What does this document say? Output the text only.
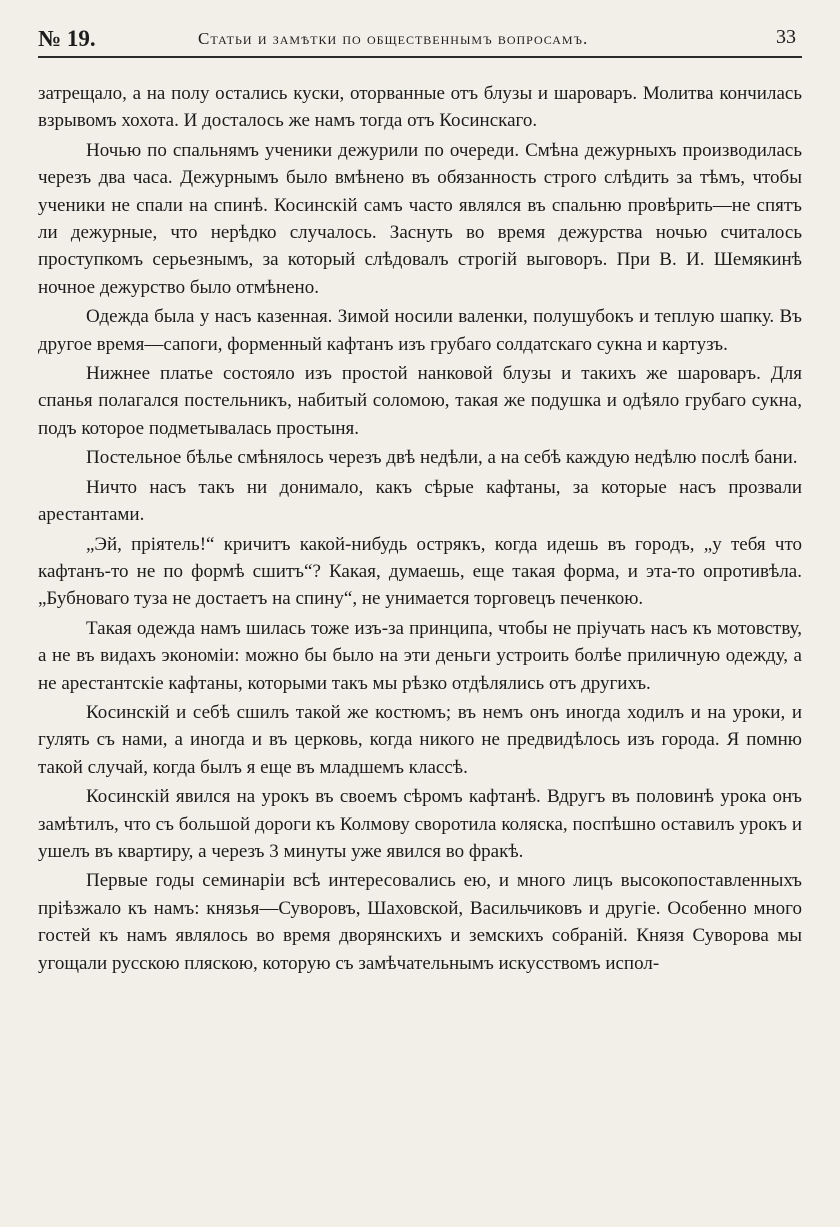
№ 19.	Статьи и замѣтки по общественнымъ вопросамъ.	33

затрещало, а на полу остались куски, оторванные отъ блузы и шароваръ. Молитва кончилась взрывомъ хохота. И досталось же намъ тогда отъ Косинскаго.

Ночью по спальнямъ ученики дежурили по очереди. Смѣна дежурныхъ производилась черезъ два часа. Дежурнымъ было вмѣнено въ обязанность строго слѣдить за тѣмъ, чтобы ученики не спали на спинѣ. Косинскій самъ часто являлся въ спальню провѣрить—не спятъ ли дежурные, что нерѣдко случалось. Заснуть во время дежурства ночью считалось проступкомъ серьезнымъ, за который слѣдовалъ строгій выговоръ. При В. И. Шемякинѣ ночное дежурство было отмѣнено.

Одежда была у насъ казенная. Зимой носили валенки, полушубокъ и теплую шапку. Въ другое время—сапоги, форменный кафтанъ изъ грубаго солдатскаго сукна и картузъ.

Нижнее платье состояло изъ простой нанковой блузы и такихъ же шароваръ. Для спанья полагался постельникъ, набитый соломою, такая же подушка и одѣяло грубаго сукна, подъ которое подметывалась простыня.

Постельное бѣлье смѣнялось черезъ двѣ недѣли, а на себѣ каждую недѣлю послѣ бани.

Ничто насъ такъ ни донимало, какъ сѣрые кафтаны, за которые насъ прозвали арестантами.

„Эй, пріятель!“ кричитъ какой-нибудь острякъ, когда идешь въ городъ, „у тебя что кафтанъ-то не по формѣ сшитъ“? Какая, думаешь, еще такая форма, и эта-то опротивѣла. „Бубноваго туза не достаетъ на спину“, не унимается торговецъ печенкою.

Такая одежда намъ шилась тоже изъ-за принципа, чтобы не пріучать насъ къ мотовству, а не въ видахъ экономіи: можно бы было на эти деньги устроить болѣе приличную одежду, а не арестантскіе кафтаны, которыми такъ мы рѣзко отдѣлялись отъ другихъ.

Косинскій и себѣ сшилъ такой же костюмъ; въ немъ онъ иногда ходилъ и на уроки, и гулять съ нами, а иногда и въ церковь, когда никого не предвидѣлось изъ города. Я помню такой случай, когда былъ я еще въ младшемъ классѣ.

Косинскій явился на урокъ въ своемъ сѣромъ кафтанѣ. Вдругъ въ половинѣ урока онъ замѣтилъ, что съ большой дороги къ Колмову своротила коляска, поспѣшно оставилъ урокъ и ушелъ въ квартиру, а черезъ 3 минуты уже явился во фракѣ.

Первые годы семинаріи всѣ интересовались ею, и много лицъ высокопоставленныхъ пріѣзжало къ намъ: князья—Суворовъ, Шаховской, Васильчиковъ и другіе. Особенно много гостей къ намъ являлось во время дворянскихъ и земскихъ собраній. Князя Суворова мы угощали русскою пляскою, которую съ замѣчательнымъ искусствомъ испол-
